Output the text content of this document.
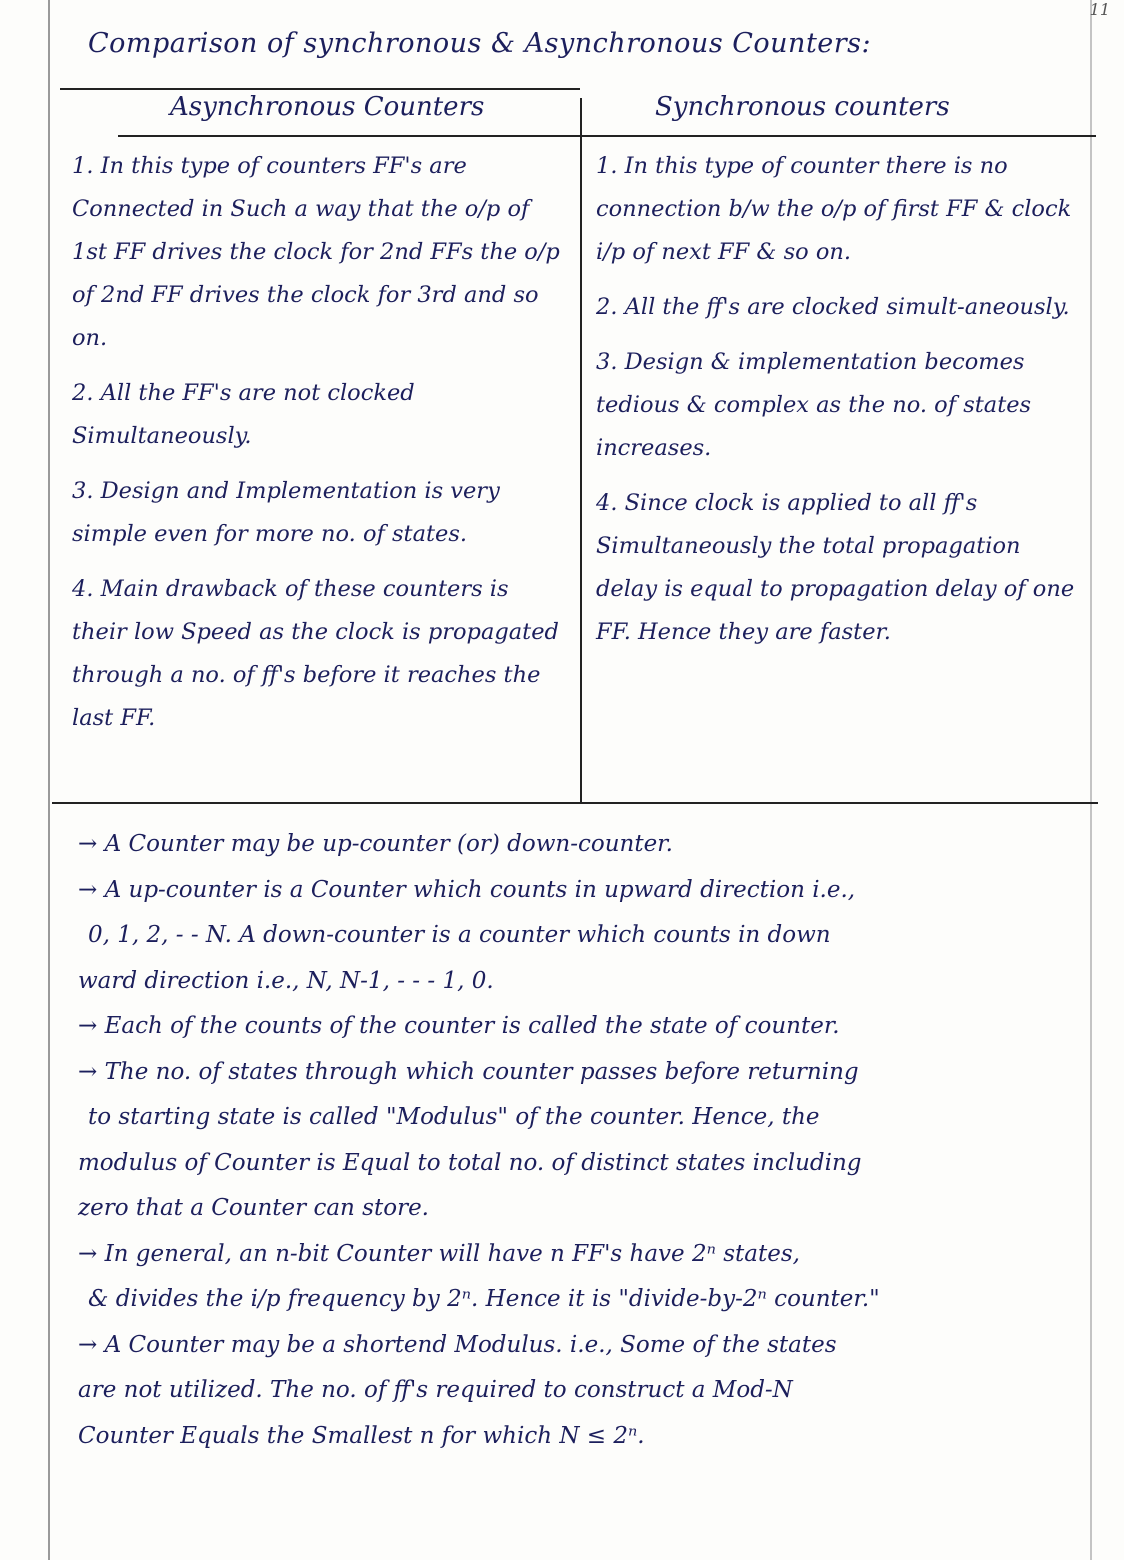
11
Comparison of synchronous & Asynchronous Counters:
Asynchronous Counters	Synchronous counters

1. In this type of counters FF's are Connected in Such a way that the o/p of 1st FF drives the clock for 2nd FFs the o/p of 2nd FF drives the clock for 3rd and so on.

2. All the FF's are not clocked Simultaneously.

3. Design and Implementation is very simple even for more no. of states.

4. Main drawback of these counters is their low Speed as the clock is propagated through a no. of ff's before it reaches the last FF.

1. In this type of counter there is no connection b/w the o/p of first FF & clock i/p of next FF & so on.

2. All the ff's are clocked simult-aneously.

3. Design & implementation becomes tedious & complex as the no. of states increases.

4. Since clock is applied to all ff's Simultaneously the total propagation delay is equal to propagation delay of one FF. Hence they are faster.

→ A Counter may be up-counter (or) down-counter.
→ A up-counter is a Counter which counts in upward direction i.e.,
0, 1, 2, - - N. A down-counter is a counter which counts in down
ward direction i.e., N, N-1, - - - 1, 0.
→ Each of the counts of the counter is called the state of counter.
→ The no. of states through which counter passes before returning
to starting state is called "Modulus" of the counter. Hence, the
modulus of Counter is Equal to total no. of distinct states including
zero that a Counter can store.
→ In general, an n-bit Counter will have n FF's have 2ⁿ states,
& divides the i/p frequency by 2ⁿ. Hence it is "divide-by-2ⁿ counter."
→ A Counter may be a shortend Modulus. i.e., Some of the states
are not utilized. The no. of ff's required to construct a Mod-N
Counter Equals the Smallest n for which N ≤ 2ⁿ.
